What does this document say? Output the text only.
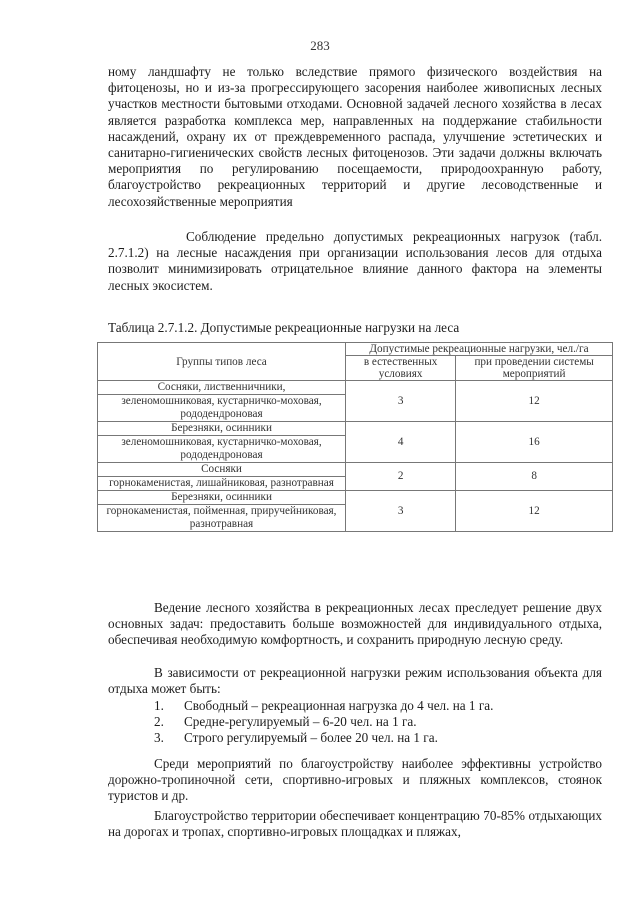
283

ному ландшафту не только вследствие прямого физического воздействия на фитоценозы, но и из-за прогрессирующего засорения наиболее живописных лесных участков местности бытовыми отходами. Основной задачей лесного хозяйства в лесах является разработка комплекса мер, направленных на поддержание стабильности насаждений, охрану их от преждевременного распада, улучшение эстетических и санитарно-гигиенических свойств лесных фитоценозов. Эти задачи должны включать мероприятия по регулированию посещаемости, природоохранную работу, благоустройство рекреационных территорий и другие лесоводственные и лесохозяйственные мероприятия

Соблюдение предельно допустимых рекреационных нагрузок (табл. 2.7.1.2) на лесные насаждения при организации использования лесов для отдыха позволит минимизировать отрицательное влияние данного фактора на элементы лесных экосистем.

Таблица 2.7.1.2. Допустимые рекреационные нагрузки на леса
Группы типов леса	Допустимые рекреационные нагрузки, чел./га	
	в естественных условиях	при проведении системы мероприятий
Сосняки, лиственничники,	3	12
зеленомошниковая, кустарничко-моховая, рододендроновая		
Березняки, осинники	4	16
зеленомошниковая, кустарничко-моховая, рододендроновая		
Сосняки	2	8
горнокаменистая, лишайниковая, разнотравная		
Березняки, осинники	3	12
горнокаменистая, пойменная, приручейниковая, разнотравная		

Ведение лесного хозяйства в рекреационных лесах преследует решение двух основных задач: предоставить больше возможностей для индивидуального отдыха, обеспечивая необходимую комфортность, и сохранить природную лесную среду.

В зависимости от рекреационной нагрузки режим использования объекта для отдыха может быть:

1.	Свободный – рекреационная нагрузка до 4 чел. на 1 га.
2.	Средне-регулируемый – 6-20 чел. на 1 га.
3.	Строго регулируемый – более 20 чел. на 1 га.

Среди мероприятий по благоустройству наиболее эффективны устройство дорожно-тропиночной сети, спортивно-игровых и пляжных комплексов, стоянок туристов и др.

Благоустройство территории обеспечивает концентрацию 70-85% отдыхающих на дорогах и тропах, спортивно-игровых площадках и пляжах,
